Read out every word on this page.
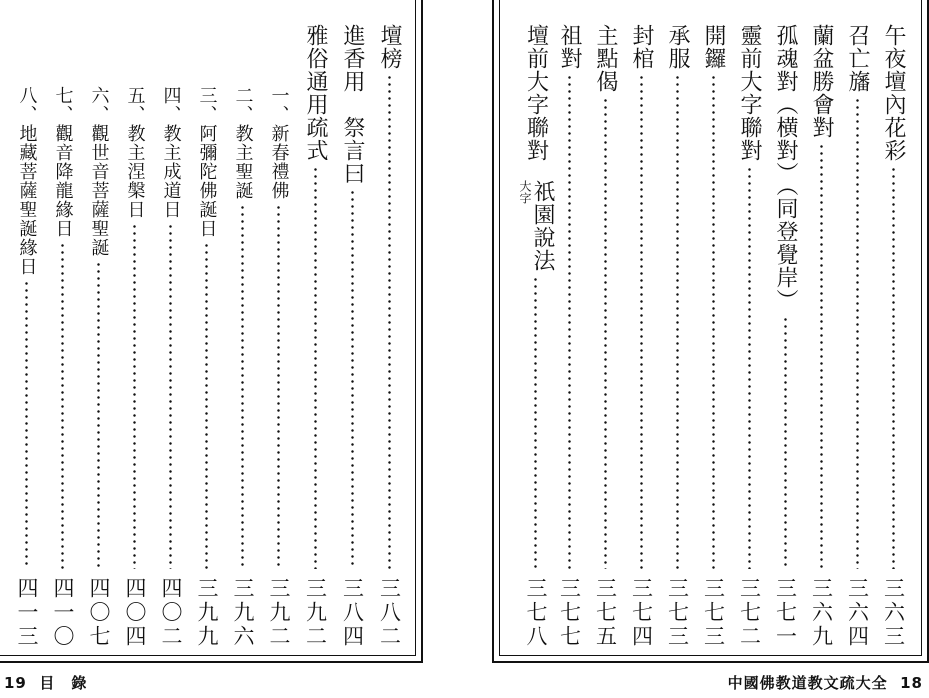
壇榜
三八二
進香用　祭言曰
三八四
雅俗通用疏式
三九二
一、新春禮佛
三九二
二、教主聖誕
三九六
三、阿彌陀佛誕日
三九九
四、教主成道日
四〇二
五、教主涅槃日
四〇四
六、觀世音菩薩聖誕
四〇七
七、觀音降龍緣日
四一〇
八、地藏菩薩聖誕緣日
四一三
午夜壇內花彩
三六三
召亡旛
三六四
蘭盆勝會對
三六九
孤魂對（横對）（同登覺岸）
三七一
靈前大字聯對
三七二
開鑼
三七三
承服
三七三
封棺
三七四
主點偈
三七五
祖對
三七七
壇前大字聯對
祇園說法
大字
三七八
19 目　錄	中國佛教道教文疏大全 18
